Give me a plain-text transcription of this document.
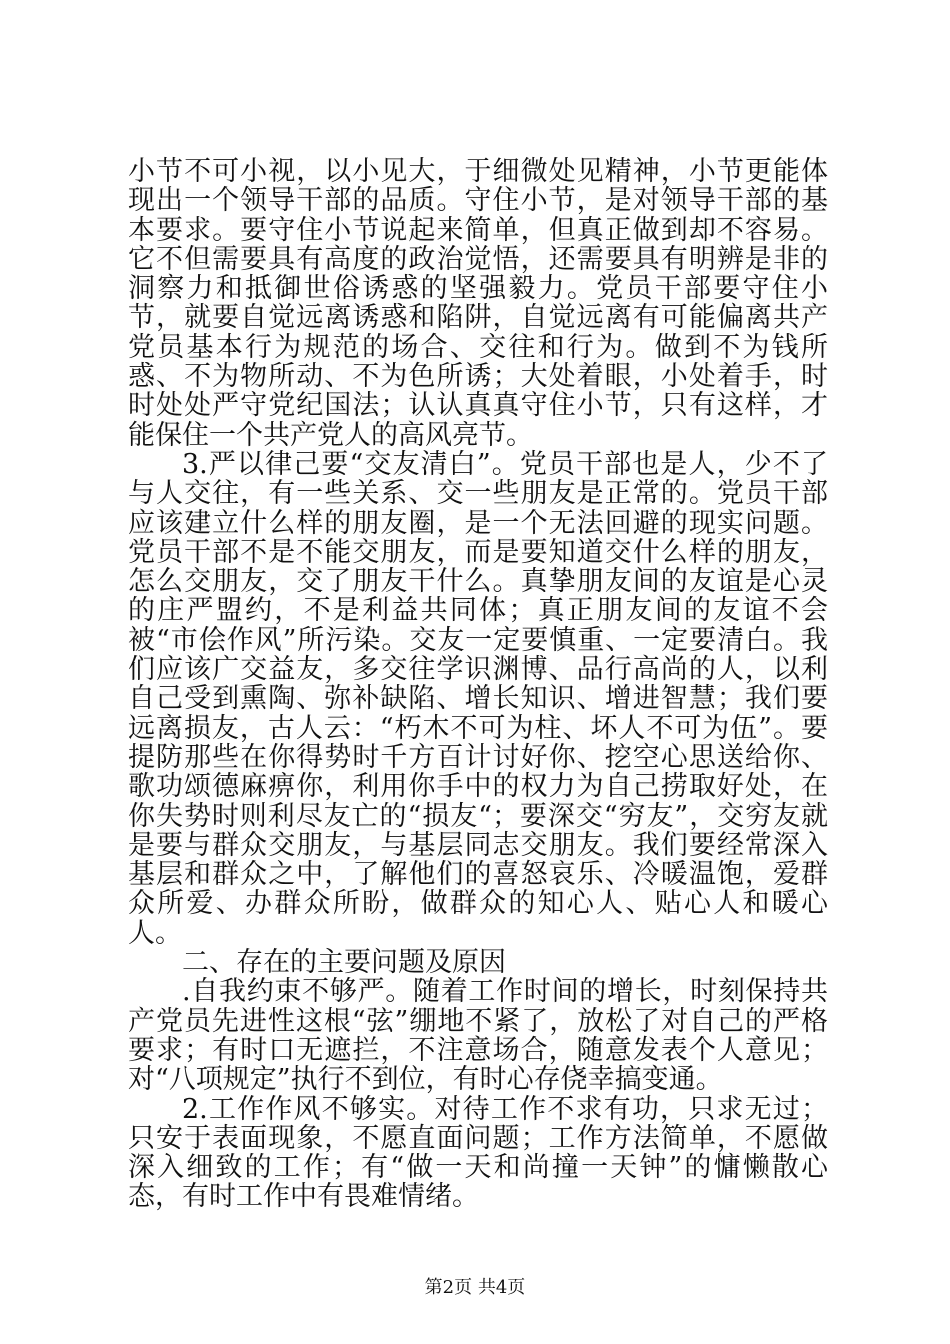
小节不可小视，以小见大，于细微处见精神，小节更能体现出一个领导干部的品质。守住小节，是对领导干部的基本要求。要守住小节说起来简单，但真正做到却不容易。它不但需要具有高度的政治觉悟，还需要具有明辨是非的洞察力和抵御世俗诱惑的坚强毅力。党员干部要守住小节，就要自觉远离诱惑和陷阱，自觉远离有可能偏离共产党员基本行为规范的场合、交往和行为。做到不为钱所惑、不为物所动、不为色所诱；大处着眼，小处着手，时时处处严守党纪国法；认认真真守住小节，只有这样，才能保住一个共产党人的高风亮节。

3.严以律己要“交友清白”。党员干部也是人，少不了与人交往，有一些关系、交一些朋友是正常的。党员干部应该建立什么样的朋友圈，是一个无法回避的现实问题。党员干部不是不能交朋友，而是要知道交什么样的朋友，怎么交朋友，交了朋友干什么。真挚朋友间的友谊是心灵的庄严盟约，不是利益共同体；真正朋友间的友谊不会被“市侩作风”所污染。交友一定要慎重、一定要清白。我们应该广交益友，多交往学识渊博、品行高尚的人，以利自己受到熏陶、弥补缺陷、增长知识、增进智慧；我们要远离损友，古人云：“朽木不可为柱、坏人不可为伍”。要提防那些在你得势时千方百计讨好你、挖空心思送给你、歌功颂德麻痹你，利用你手中的权力为自己捞取好处，在你失势时则利尽友亡的“损友“；要深交“穷友”，交穷友就是要与群众交朋友，与基层同志交朋友。我们要经常深入基层和群众之中，了解他们的喜怒哀乐、冷暖温饱，爱群众所爱、办群众所盼，做群众的知心人、贴心人和暖心人。

二、存在的主要问题及原因

.自我约束不够严。随着工作时间的增长，时刻保持共产党员先进性这根“弦”绷地不紧了，放松了对自己的严格要求；有时口无遮拦，不注意场合，随意发表个人意见；对“八项规定”执行不到位，有时心存侥幸搞变通。

2.工作作风不够实。对待工作不求有功，只求无过；只安于表面现象，不愿直面问题；工作方法简单，不愿做深入细致的工作；有“做一天和尚撞一天钟”的慵懒散心态，有时工作中有畏难情绪。

第2页 共4页
